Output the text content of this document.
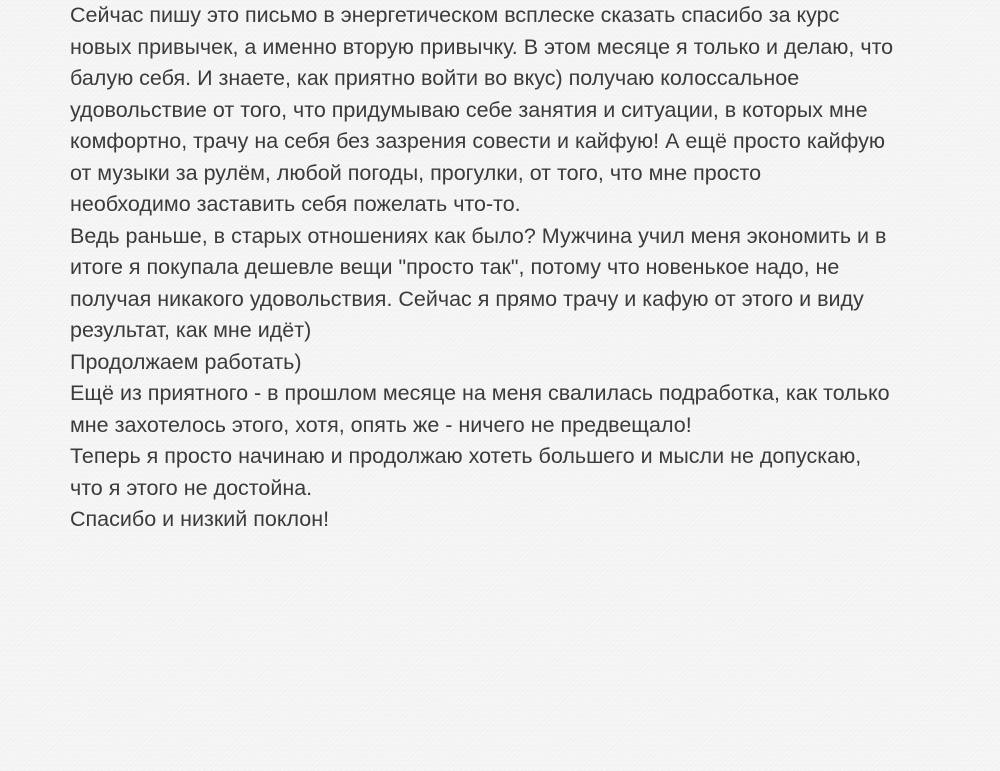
Сейчас пишу это письмо в энергетическом всплеске сказать спасибо за курс
новых привычек, а именно вторую привычку. В этом месяце я только и делаю, что
балую себя. И знаете, как приятно войти во вкус) получаю колоссальное
удовольствие от того, что придумываю себе занятия и ситуации, в которых мне
комфортно, трачу на себя без зазрения совести и кайфую! А ещё просто кайфую
от музыки за рулём, любой погоды, прогулки, от того, что мне просто
необходимо заставить себя пожелать что-то.
Ведь раньше, в старых отношениях как было? Мужчина учил меня экономить и в
итоге я покупала дешевле вещи "просто так", потому что новенькое надо, не
получая никакого удовольствия. Сейчас я прямо трачу и кафую от этого и виду
результат, как мне идёт)
Продолжаем работать)
Ещё из приятного - в прошлом месяце на меня свалилась подработка, как только
мне захотелось этого, хотя, опять же - ничего не предвещало!
Теперь я просто начинаю и продолжаю хотеть большего и мысли не допускаю,
что я этого не достойна.
Спасибо и низкий поклон!
